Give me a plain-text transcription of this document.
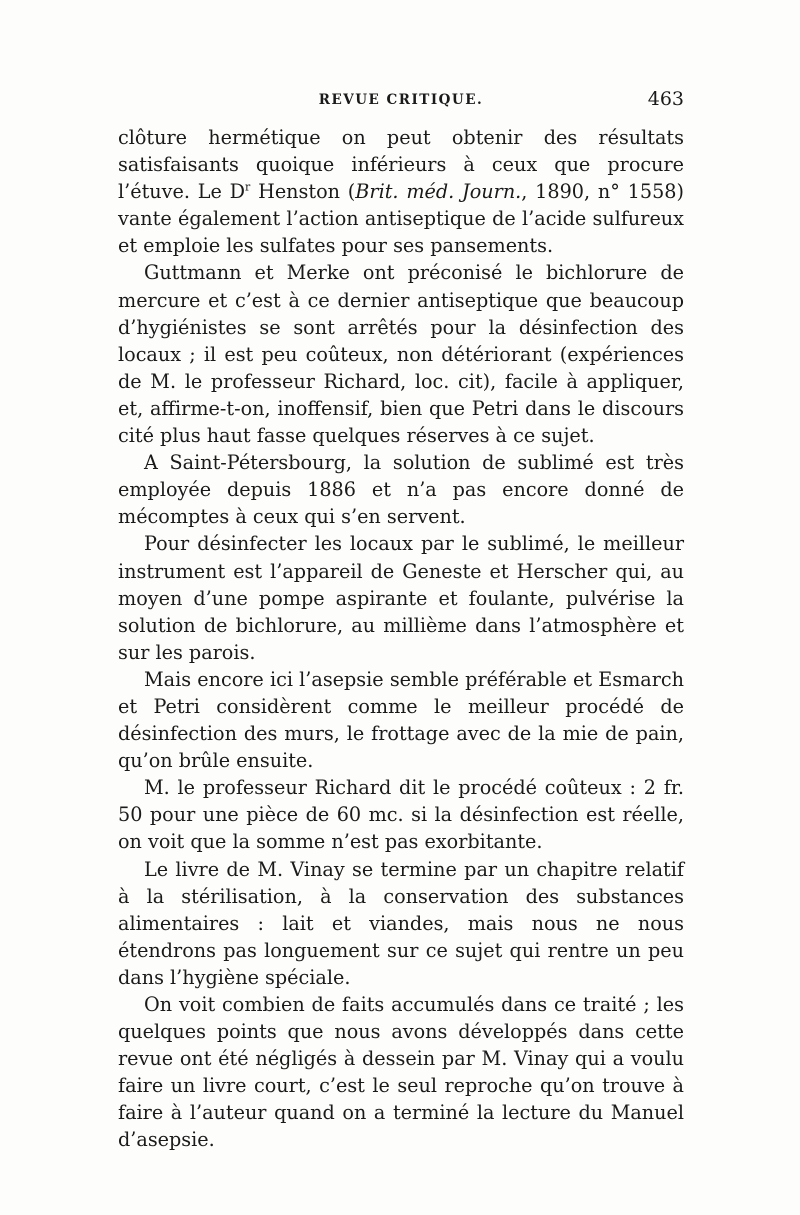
REVUE CRITIQUE.	463

clôture hermétique on peut obtenir des résultats satisfaisants quoique inférieurs à ceux que procure l’étuve. Le $D^r$ Henston (Brit. méd. Journ., 1890, n° 1558) vante également l’action antiseptique de l’acide sulfureux et emploie les sulfates pour ses pansements.

Guttmann et Merke ont préconisé le bichlorure de mercure et c’est à ce dernier antiseptique que beaucoup d’hygiénistes se sont arrêtés pour la désinfection des locaux ; il est peu coûteux, non détériorant (expériences de M. le professeur Richard, loc. cit), facile à appliquer, et, affirme-t-on, inoffensif, bien que Petri dans le discours cité plus haut fasse quelques réserves à ce sujet.

A Saint-Pétersbourg, la solution de sublimé est très employée depuis 1886 et n’a pas encore donné de mécomptes à ceux qui s’en servent.

Pour désinfecter les locaux par le sublimé, le meilleur instrument est l’appareil de Geneste et Herscher qui, au moyen d’une pompe aspirante et foulante, pulvérise la solution de bichlorure, au millième dans l’atmosphère et sur les parois.

Mais encore ici l’asepsie semble préférable et Esmarch et Petri considèrent comme le meilleur procédé de désinfection des murs, le frottage avec de la mie de pain, qu’on brûle ensuite.

M. le professeur Richard dit le procédé coûteux : 2 fr. 50 pour une pièce de 60 mc. si la désinfection est réelle, on voit que la somme n’est pas exorbitante.

Le livre de M. Vinay se termine par un chapitre relatif à la stérilisation, à la conservation des substances alimentaires : lait et viandes, mais nous ne nous étendrons pas longuement sur ce sujet qui rentre un peu dans l’hygiène spéciale.

On voit combien de faits accumulés dans ce traité ; les quelques points que nous avons développés dans cette revue ont été négligés à dessein par M. Vinay qui a voulu faire un livre court, c’est le seul reproche qu’on trouve à faire à l’auteur quand on a terminé la lecture du Manuel d’asepsie.
